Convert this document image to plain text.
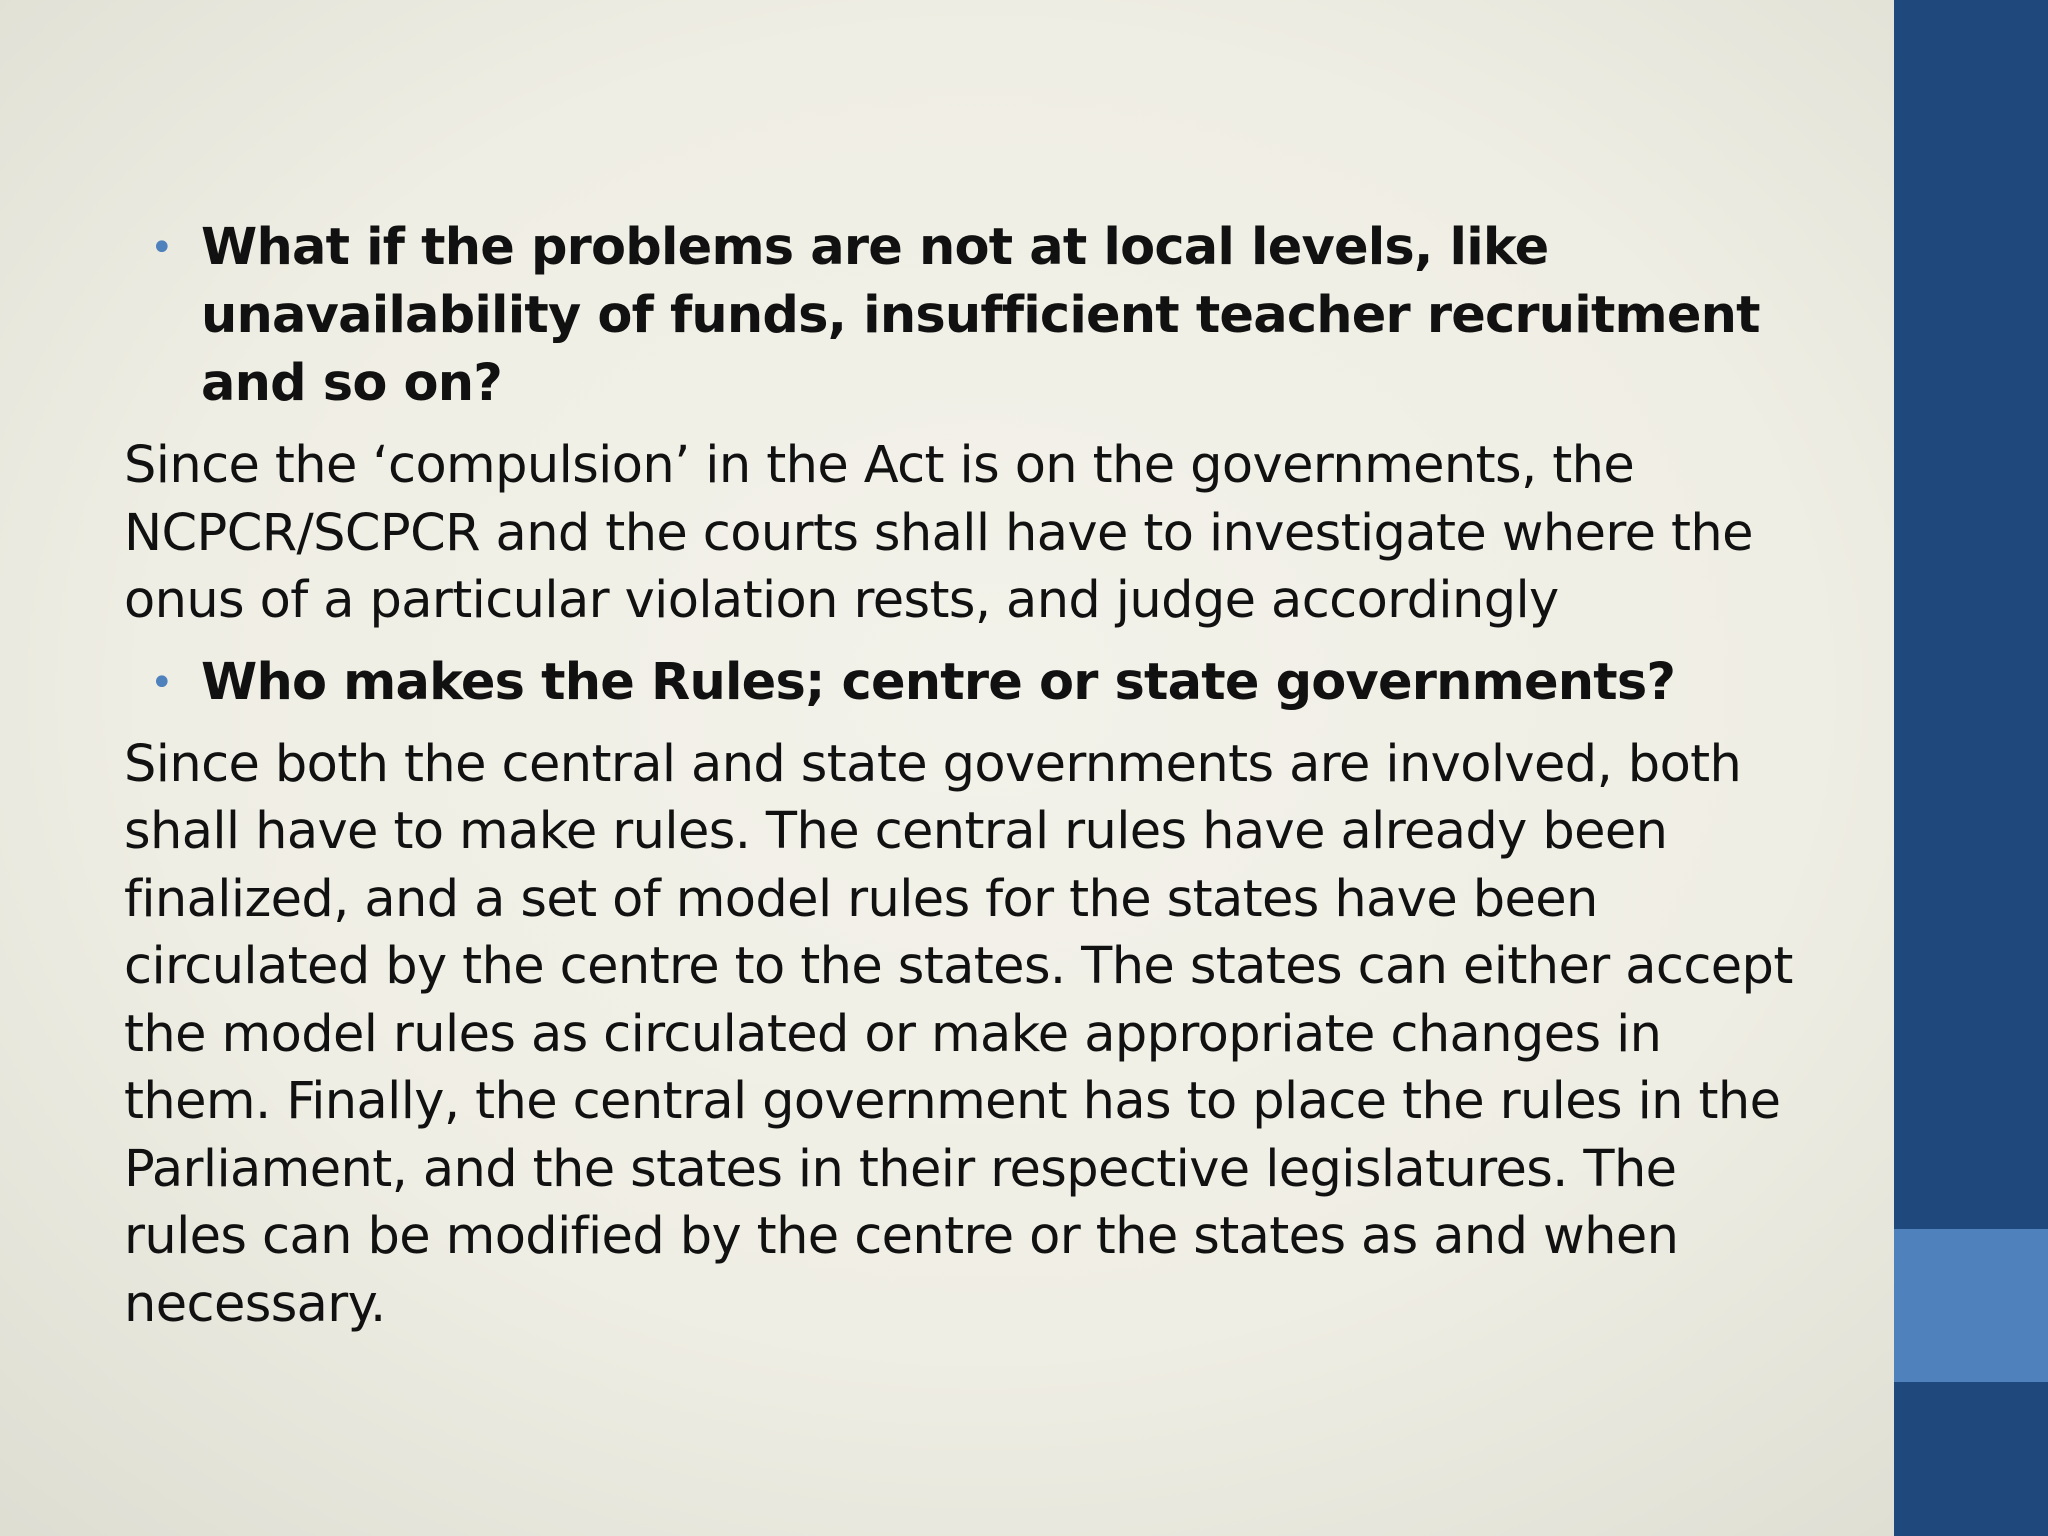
• What if the problems are not at local levels, like unavailability of funds, insufficient teacher recruitment and so on?

Since the ‘compulsion’ in the Act is on the governments, the NCPCR/SCPCR and the courts shall have to investigate where the onus of a particular violation rests, and judge accordingly

• Who makes the Rules; centre or state governments?

Since both the central and state governments are involved, both shall have to make rules. The central rules have already been finalized, and a set of model rules for the states have been circulated by the centre to the states. The states can either accept the model rules as circulated or make appropriate changes in them. Finally, the central government has to place the rules in the Parliament, and the states in their respective legislatures. The rules can be modified by the centre or the states as and when necessary.
